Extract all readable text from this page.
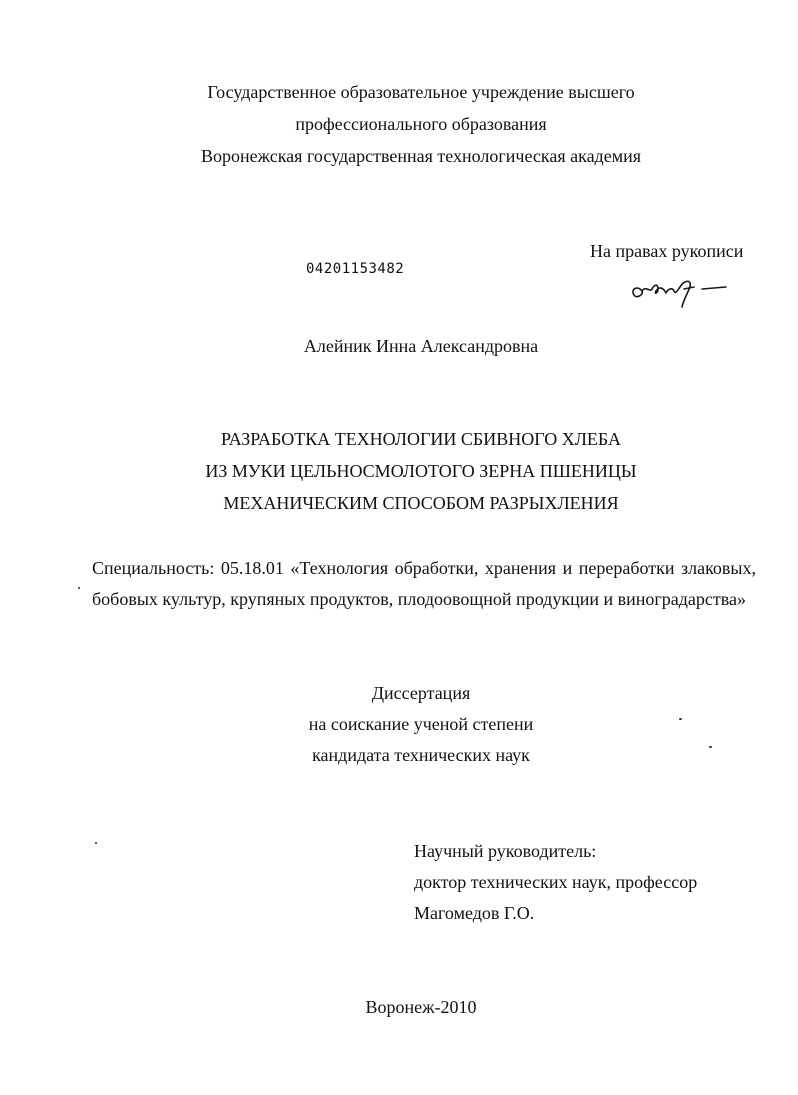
Государственное образовательное учреждение высшего
профессионального образования
Воронежская государственная технологическая академия
На правах рукописи
04201153482
Алейник Инна Александровна
РАЗРАБОТКА ТЕХНОЛОГИИ СБИВНОГО ХЛЕБА
ИЗ МУКИ ЦЕЛЬНОСМОЛОТОГО ЗЕРНА ПШЕНИЦЫ
МЕХАНИЧЕСКИМ СПОСОБОМ РАЗРЫХЛЕНИЯ
Специальность: 05.18.01 «Технология обработки, хранения и переработки злаковых, бобовых культур, крупяных продуктов, плодоовощной продукции и виноградарства»
Диссертация
на соискание ученой степени
кандидата технических наук
Научный руководитель:
доктор технических наук, профессор
Магомедов Г.О.
Воронеж-2010
